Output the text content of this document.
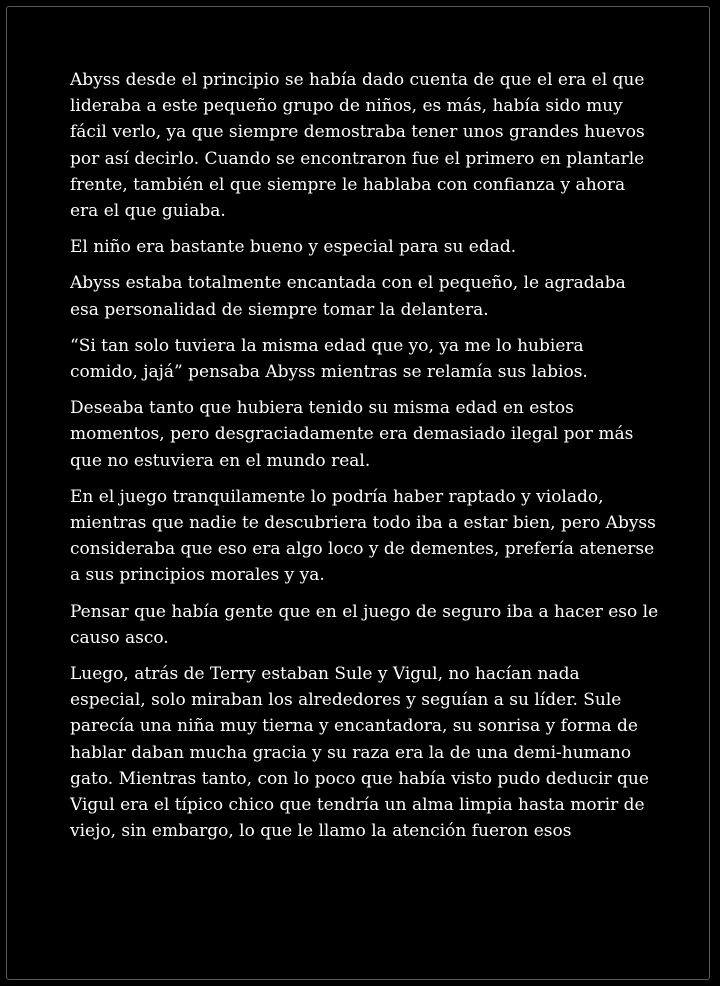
Abyss desde el principio se había dado cuenta de que el era el que
lideraba a este pequeño grupo de niños, es más, había sido muy
fácil verlo, ya que siempre demostraba tener unos grandes huevos
por así decirlo. Cuando se encontraron fue el primero en plantarle
frente, también el que siempre le hablaba con confianza y ahora
era el que guiaba.

El niño era bastante bueno y especial para su edad.

Abyss estaba totalmente encantada con el pequeño, le agradaba
esa personalidad de siempre tomar la delantera.

“Si tan solo tuviera la misma edad que yo, ya me lo hubiera
comido, jajá” pensaba Abyss mientras se relamía sus labios.

Deseaba tanto que hubiera tenido su misma edad en estos
momentos, pero desgraciadamente era demasiado ilegal por más
que no estuviera en el mundo real.

En el juego tranquilamente lo podría haber raptado y violado,
mientras que nadie te descubriera todo iba a estar bien, pero Abyss
consideraba que eso era algo loco y de dementes, prefería atenerse
a sus principios morales y ya.

Pensar que había gente que en el juego de seguro iba a hacer eso le
causo asco.

Luego, atrás de Terry estaban Sule y Vigul, no hacían nada
especial, solo miraban los alrededores y seguían a su líder. Sule
parecía una niña muy tierna y encantadora, su sonrisa y forma de
hablar daban mucha gracia y su raza era la de una demi-humano
gato. Mientras tanto, con lo poco que había visto pudo deducir que
Vigul era el típico chico que tendría un alma limpia hasta morir de
viejo, sin embargo, lo que le llamo la atención fueron esos
